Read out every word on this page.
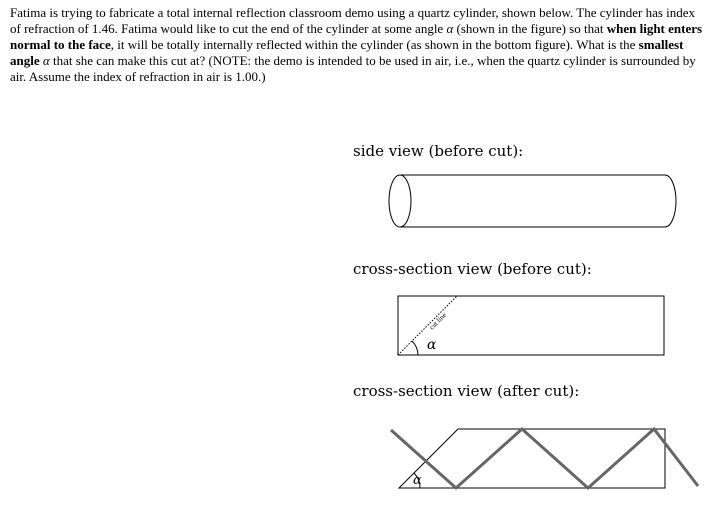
Fatima is trying to fabricate a total internal reflection classroom demo using a quartz cylinder, shown below. The cylinder has index of refraction of 1.46. Fatima would like to cut the end of the cylinder at some angle α (shown in the figure) so that when light enters normal to the face, it will be totally internally reflected within the cylinder (as shown in the bottom figure). What is the smallest angle α that she can make this cut at? (NOTE: the demo is intended to be used in air, i.e., when the quartz cylinder is surrounded by air. Assume the index of refraction in air is 1.00.)

side view (before cut):
cross-section view (before cut):
cross-section view (after cut):
cut line
α
α
